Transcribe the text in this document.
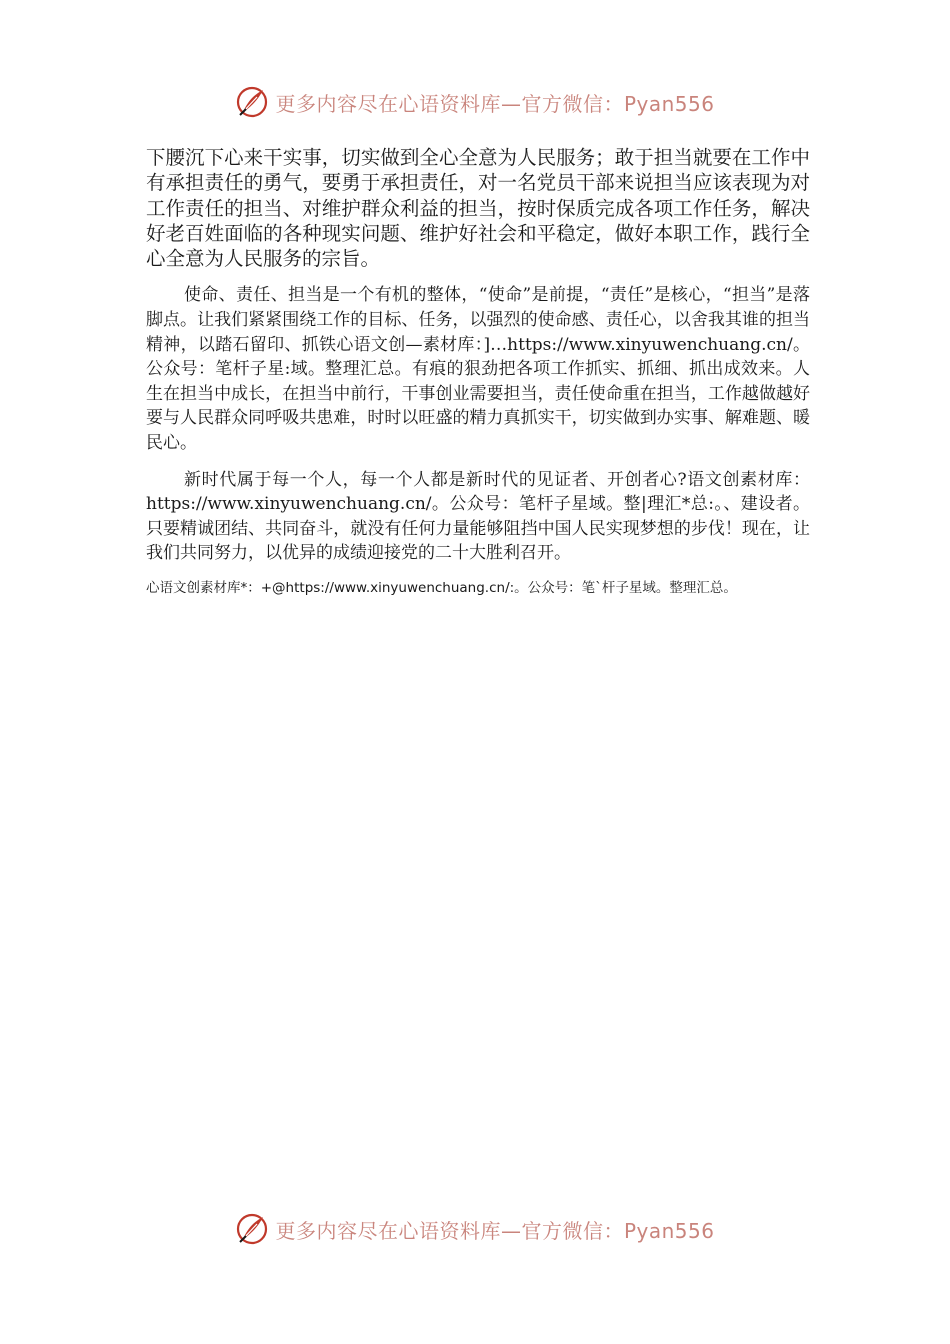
更多内容尽在心语资料库—官方微信：Pyan556

下腰沉下心来干实事，切实做到全心全意为人民服务；敢于担当就要在工作中有承担责任的勇气，要勇于承担责任，对一名党员干部来说担当应该表现为对工作责任的担当、对维护群众利益的担当，按时保质完成各项工作任务，解决好老百姓面临的各种现实问题、维护好社会和平稳定，做好本职工作，践行全心全意为人民服务的宗旨。

使命、责任、担当是一个有机的整体，“使命”是前提，“责任”是核心，“担当”是落脚点。让我们紧紧围绕工作的目标、任务，以强烈的使命感、责任心，以舍我其谁的担当精神，以踏石留印、抓铁心语文创—素材库：]…https://www.xinyuwenchuang.cn/。公众号：笔杆子星:域。整理汇总。有痕的狠劲把各项工作抓实、抓细、抓出成效来。人生在担当中成长，在担当中前行，干事创业需要担当，责任使命重在担当，工作越做越好要与人民群众同呼吸共患难，时时以旺盛的精力真抓实干，切实做到办实事、解难题、暖民心。

新时代属于每一个人，每一个人都是新时代的见证者、开创者心?语文创素材库：https://www.xinyuwenchuang.cn/。公众号：笔杆子星域。整|理汇*总:。、建设者。只要精诚团结、共同奋斗，就没有任何力量能够阻挡中国人民实现梦想的步伐！现在，让我们共同努力，以优异的成绩迎接党的二十大胜利召开。

心语文创素材库*：+@https://www.xinyuwenchuang.cn/:。公众号：笔`杆子星域。整理汇总。

更多内容尽在心语资料库—官方微信：Pyan556
